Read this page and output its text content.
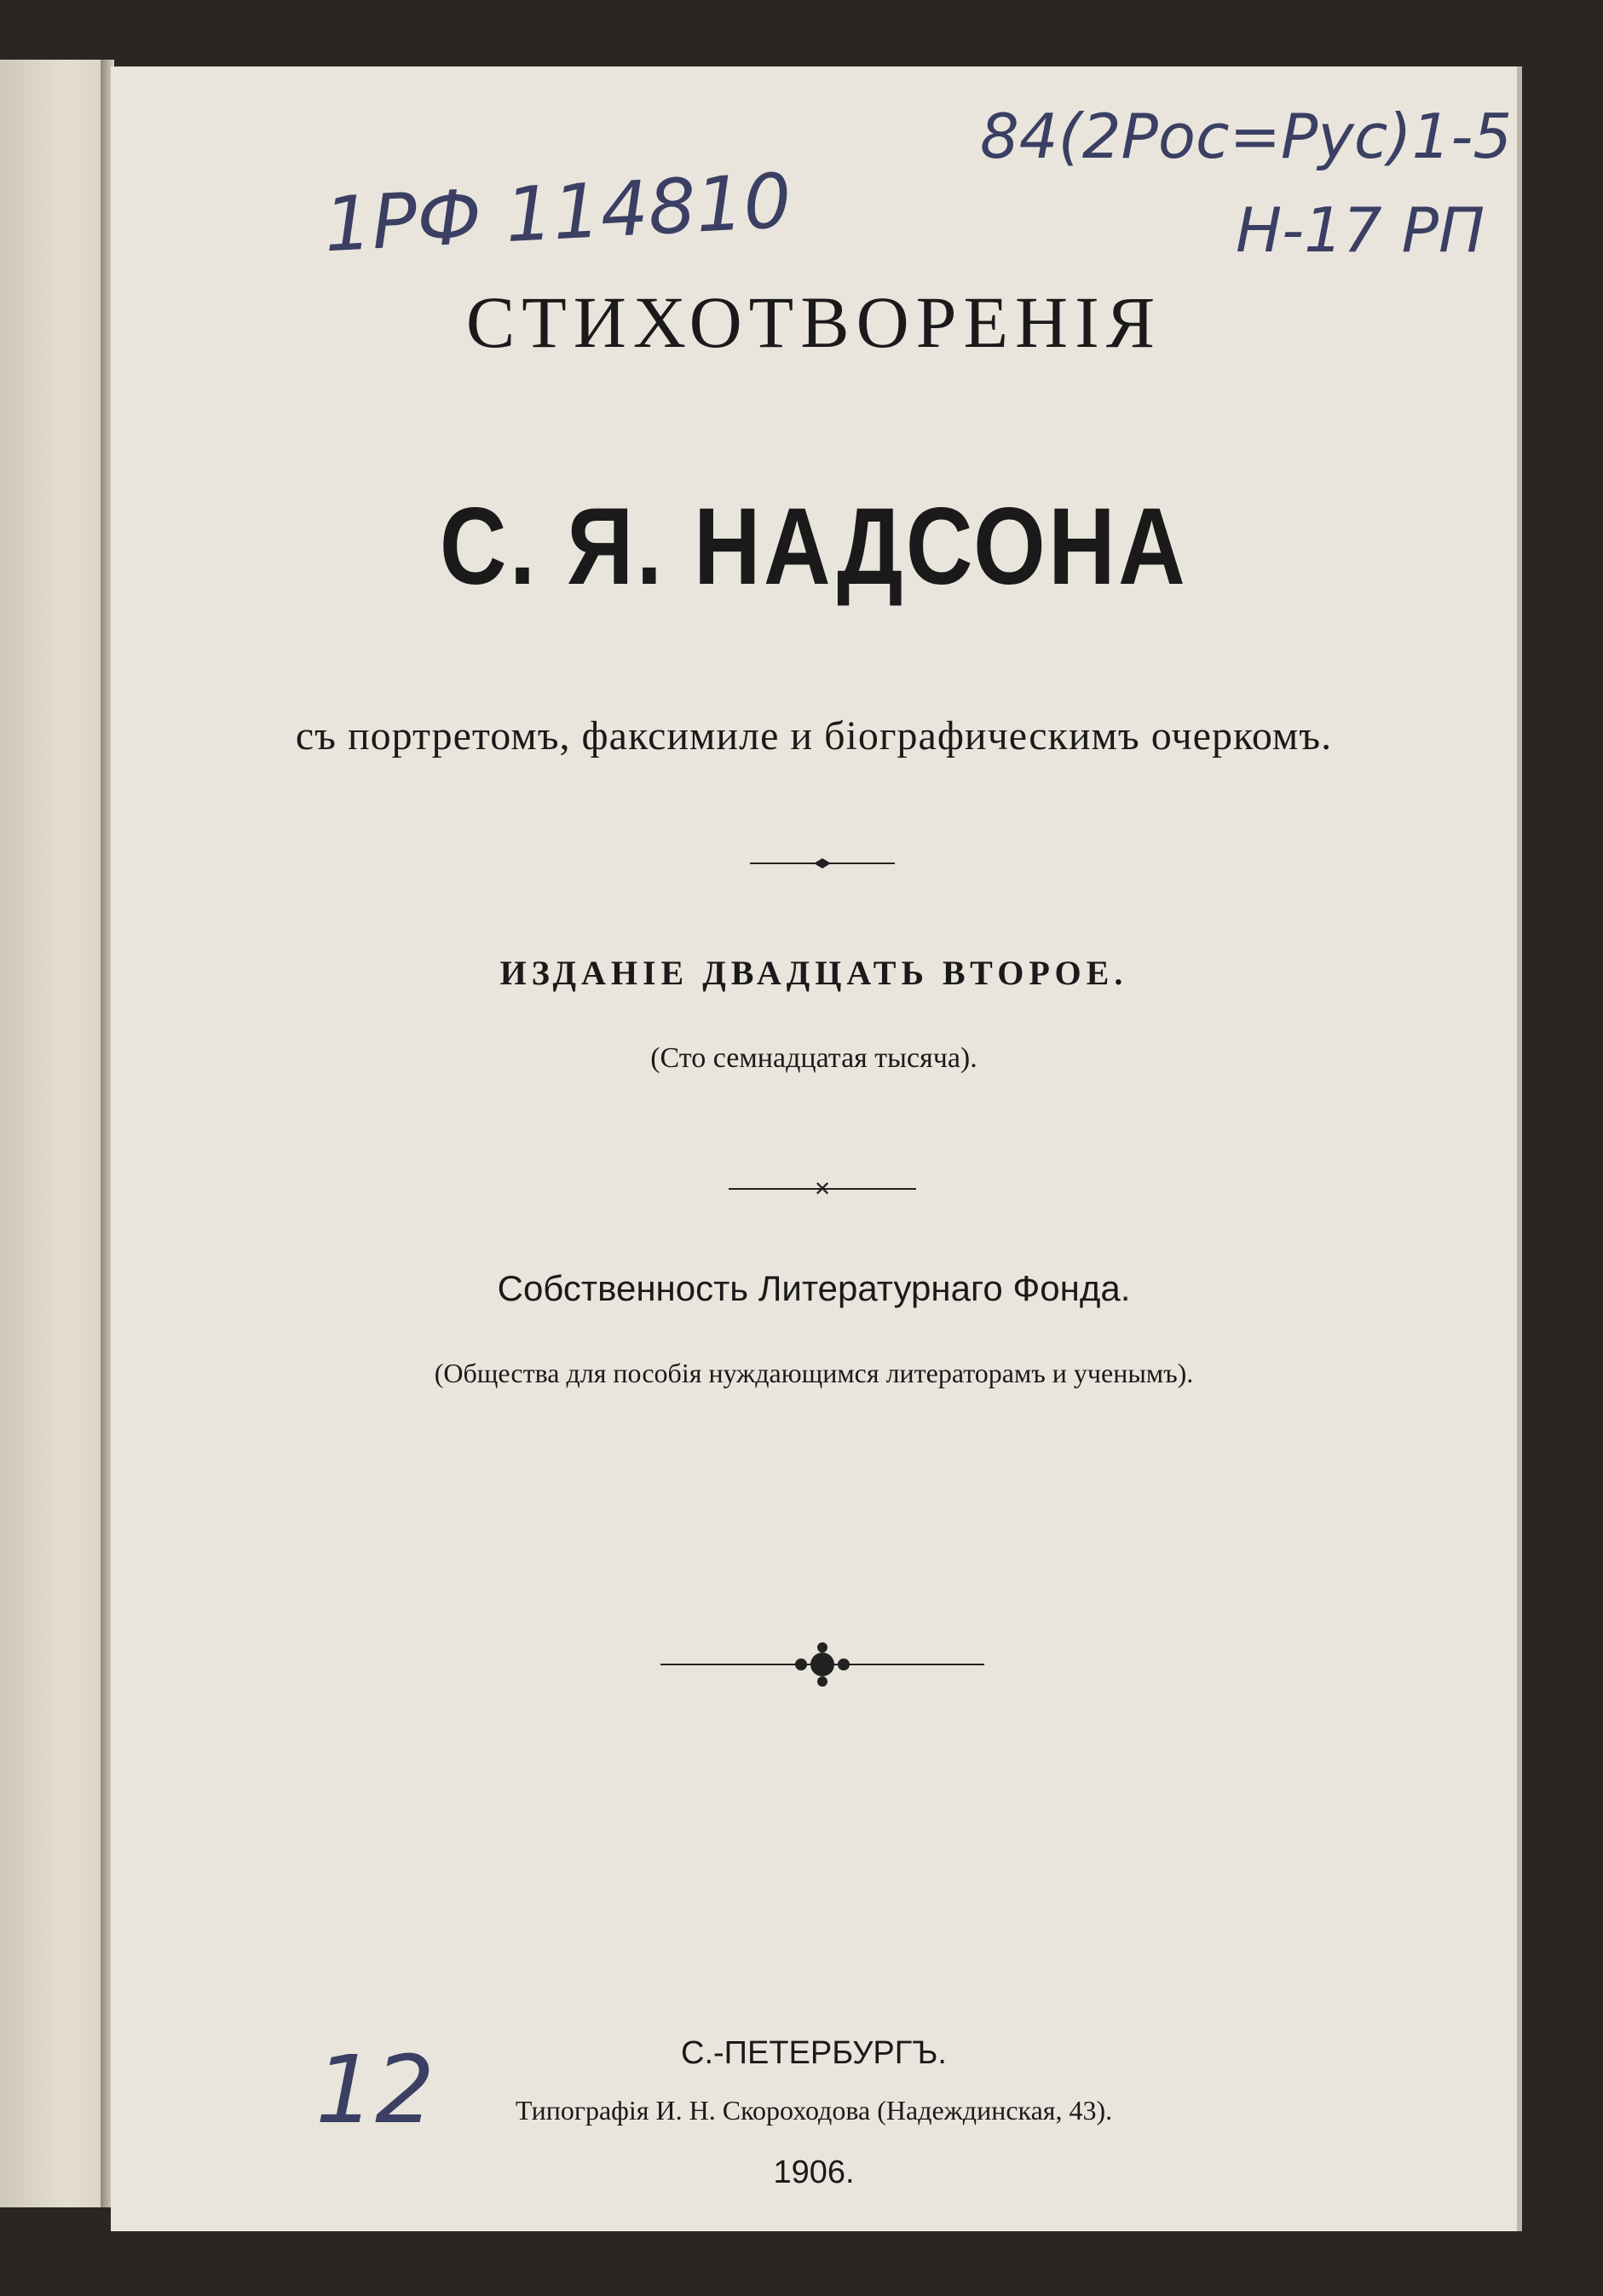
1РФ 114810
84(2Рос=Рус)1-5
Н-17 РП
12
СТИХОТВОРЕНІЯ
С. Я. НАДСОНА
съ портретомъ, факсимиле и біографическимъ очеркомъ.
ИЗДАНІЕ ДВАДЦАТЬ ВТОРОЕ.
(Сто семнадцатая тысяча).
✕
Собственность Литературнаго Фонда.
(Общества для пособія нуждающимся литераторамъ и ученымъ).
С.-ПЕТЕРБУРГЪ.
Типографія И. Н. Скороходова (Надеждинская, 43).
1906.
